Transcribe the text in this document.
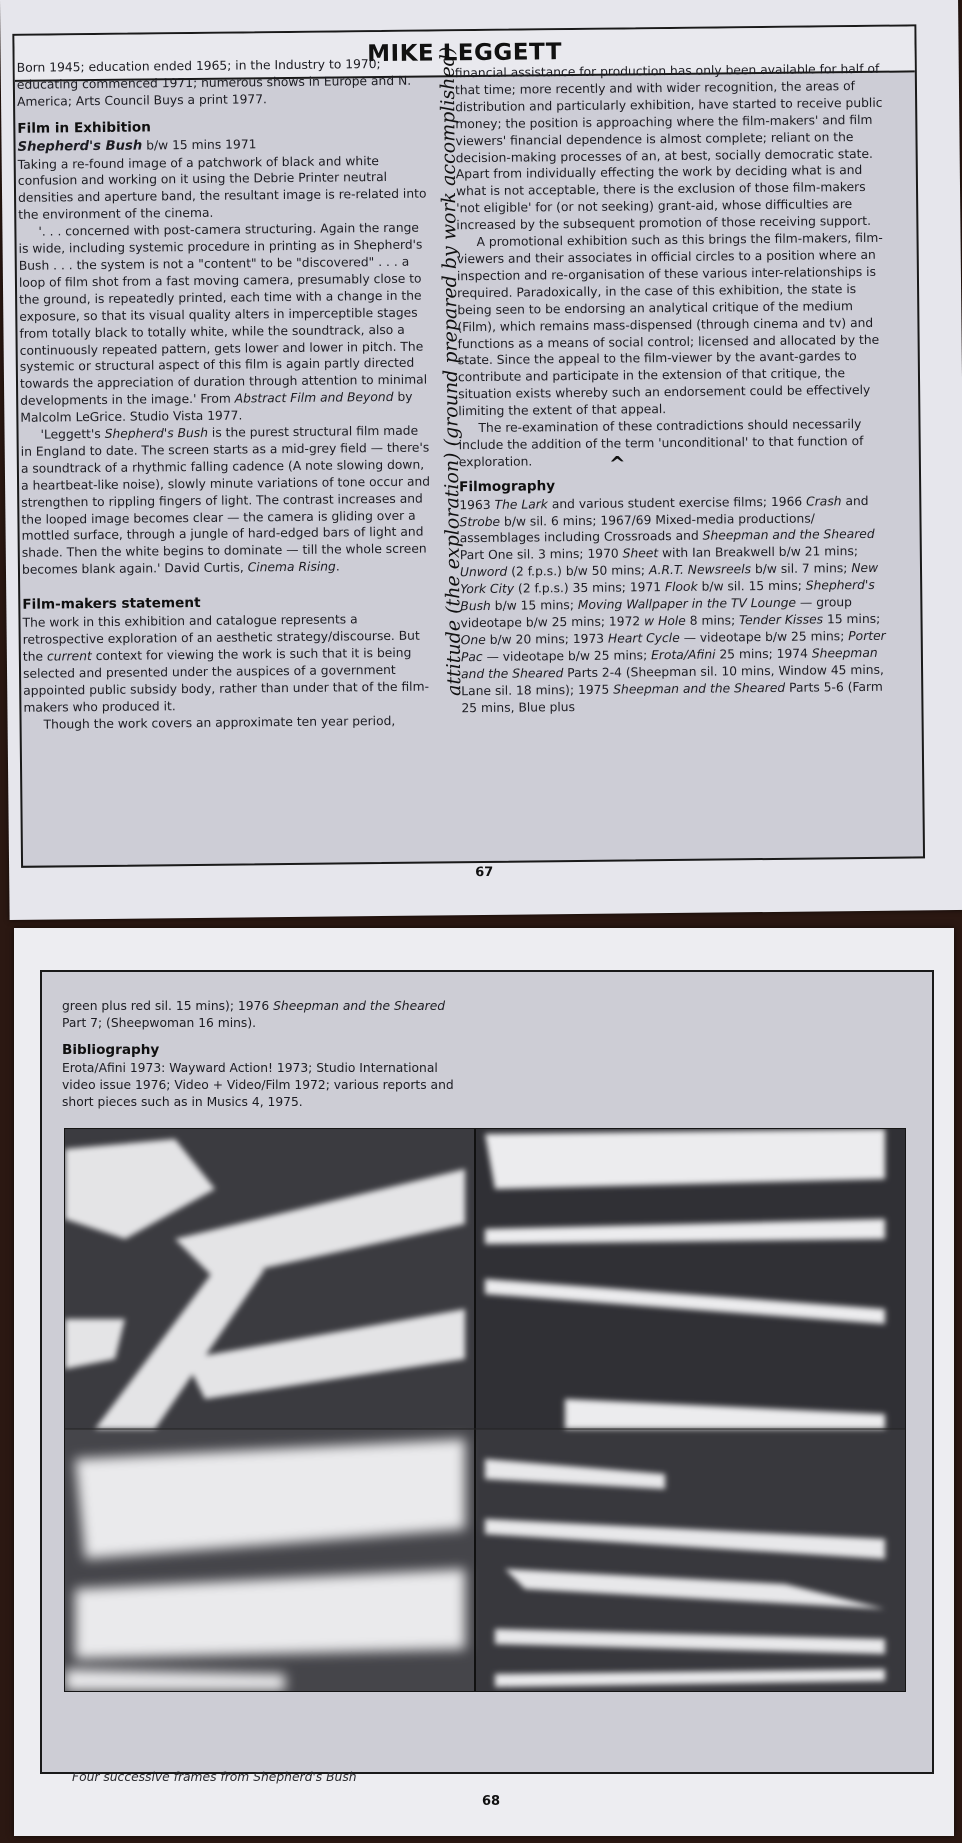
MIKE LEGGETT

Born 1945; education ended 1965; in the Industry to 1970; educating commenced 1971; numerous shows in Europe and N. America; Arts Council Buys a print 1977.

Film in Exhibition
Shepherd's Bush b/w 15 mins 1971

Taking a re-found image of a patchwork of black and white confusion and working on it using the Debrie Printer neutral densities and aperture band, the resultant image is re-related into the environment of the cinema.

'. . . concerned with post-camera structuring. Again the range is wide, including systemic procedure in printing as in Shepherd's Bush . . . the system is not a "content" to be "discovered" . . . a loop of film shot from a fast moving camera, presumably close to the ground, is repeatedly printed, each time with a change in the exposure, so that its visual quality alters in imperceptible stages from totally black to totally white, while the soundtrack, also a continuously repeated pattern, gets lower and lower in pitch. The systemic or structural aspect of this film is again partly directed towards the appreciation of duration through attention to minimal developments in the image.' From Abstract Film and Beyond by Malcolm LeGrice. Studio Vista 1977.

'Leggett's Shepherd's Bush is the purest structural film made in England to date. The screen starts as a mid-grey field — there's a soundtrack of a rhythmic falling cadence (A note slowing down, a heartbeat-like noise), slowly minute variations of tone occur and strengthen to rippling fingers of light. The contrast increases and the looped image becomes clear — the camera is gliding over a mottled surface, through a jungle of hard-edged bars of light and shade. Then the white begins to dominate — till the whole screen becomes blank again.' David Curtis, Cinema Rising.

Film-makers statement

The work in this exhibition and catalogue represents a retrospective exploration of an aesthetic strategy/discourse. But the current context for viewing the work is such that it is being selected and presented under the auspices of a government appointed public subsidy body, rather than under that of the film-makers who produced it.

Though the work covers an approximate ten year period,

attitude (the exploration) (ground prepared by work accomplished)	^

financial assistance for production has only been available for half of that time; more recently and with wider recognition, the areas of distribution and particularly exhibition, have started to receive public money; the position is approaching where the film-makers' and film viewers' financial dependence is almost complete; reliant on the decision-making processes of an, at best, socially democratic state. Apart from individually effecting the work by deciding what is and what is not acceptable, there is the exclusion of those film-makers 'not eligible' for (or not seeking) grant-aid, whose difficulties are increased by the subsequent promotion of those receiving support.

A promotional exhibition such as this brings the film-makers, film-viewers and their associates in official circles to a position where an inspection and re-organisation of these various inter-relationships is required. Paradoxically, in the case of this exhibition, the state is being seen to be endorsing an analytical critique of the medium (Film), which remains mass-dispensed (through cinema and tv) and functions as a means of social control; licensed and allocated by the state. Since the appeal to the film-viewer by the avant-gardes to contribute and participate in the extension of that critique, the situation exists whereby such an endorsement could be effectively limiting the extent of that appeal.

The re-examination of these contradictions should necessarily include the addition of the term 'unconditional' to that function of exploration.

Filmography

1963 The Lark and various student exercise films; 1966 Crash and Strobe b/w sil. 6 mins; 1967/69 Mixed-media productions/ assemblages including Crossroads and Sheepman and the Sheared Part One sil. 3 mins; 1970 Sheet with Ian Breakwell b/w 21 mins; Unword (2 f.p.s.) b/w 50 mins; A.R.T. Newsreels b/w sil. 7 mins; New York City (2 f.p.s.) 35 mins; 1971 Flook b/w sil. 15 mins; Shepherd's Bush b/w 15 mins; Moving Wallpaper in the TV Lounge — group videotape b/w 25 mins; 1972 w Hole 8 mins; Tender Kisses 15 mins; One b/w 20 mins; 1973 Heart Cycle — videotape b/w 25 mins; Porter Pac — videotape b/w 25 mins; Erota/Afini 25 mins; 1974 Sheepman and the Sheared Parts 2-4 (Sheepman sil. 10 mins, Window 45 mins, Lane sil. 18 mins); 1975 Sheepman and the Sheared Parts 5-6 (Farm 25 mins, Blue plus

67

green plus red sil. 15 mins); 1976 Sheepman and the Sheared Part 7; (Sheepwoman 16 mins).

Bibliography

Erota/Afini 1973: Wayward Action! 1973; Studio International video issue 1976; Video + Video/Film 1972; various reports and short pieces such as in Musics 4, 1975.

Four successive frames from Shepherd's Bush
68
